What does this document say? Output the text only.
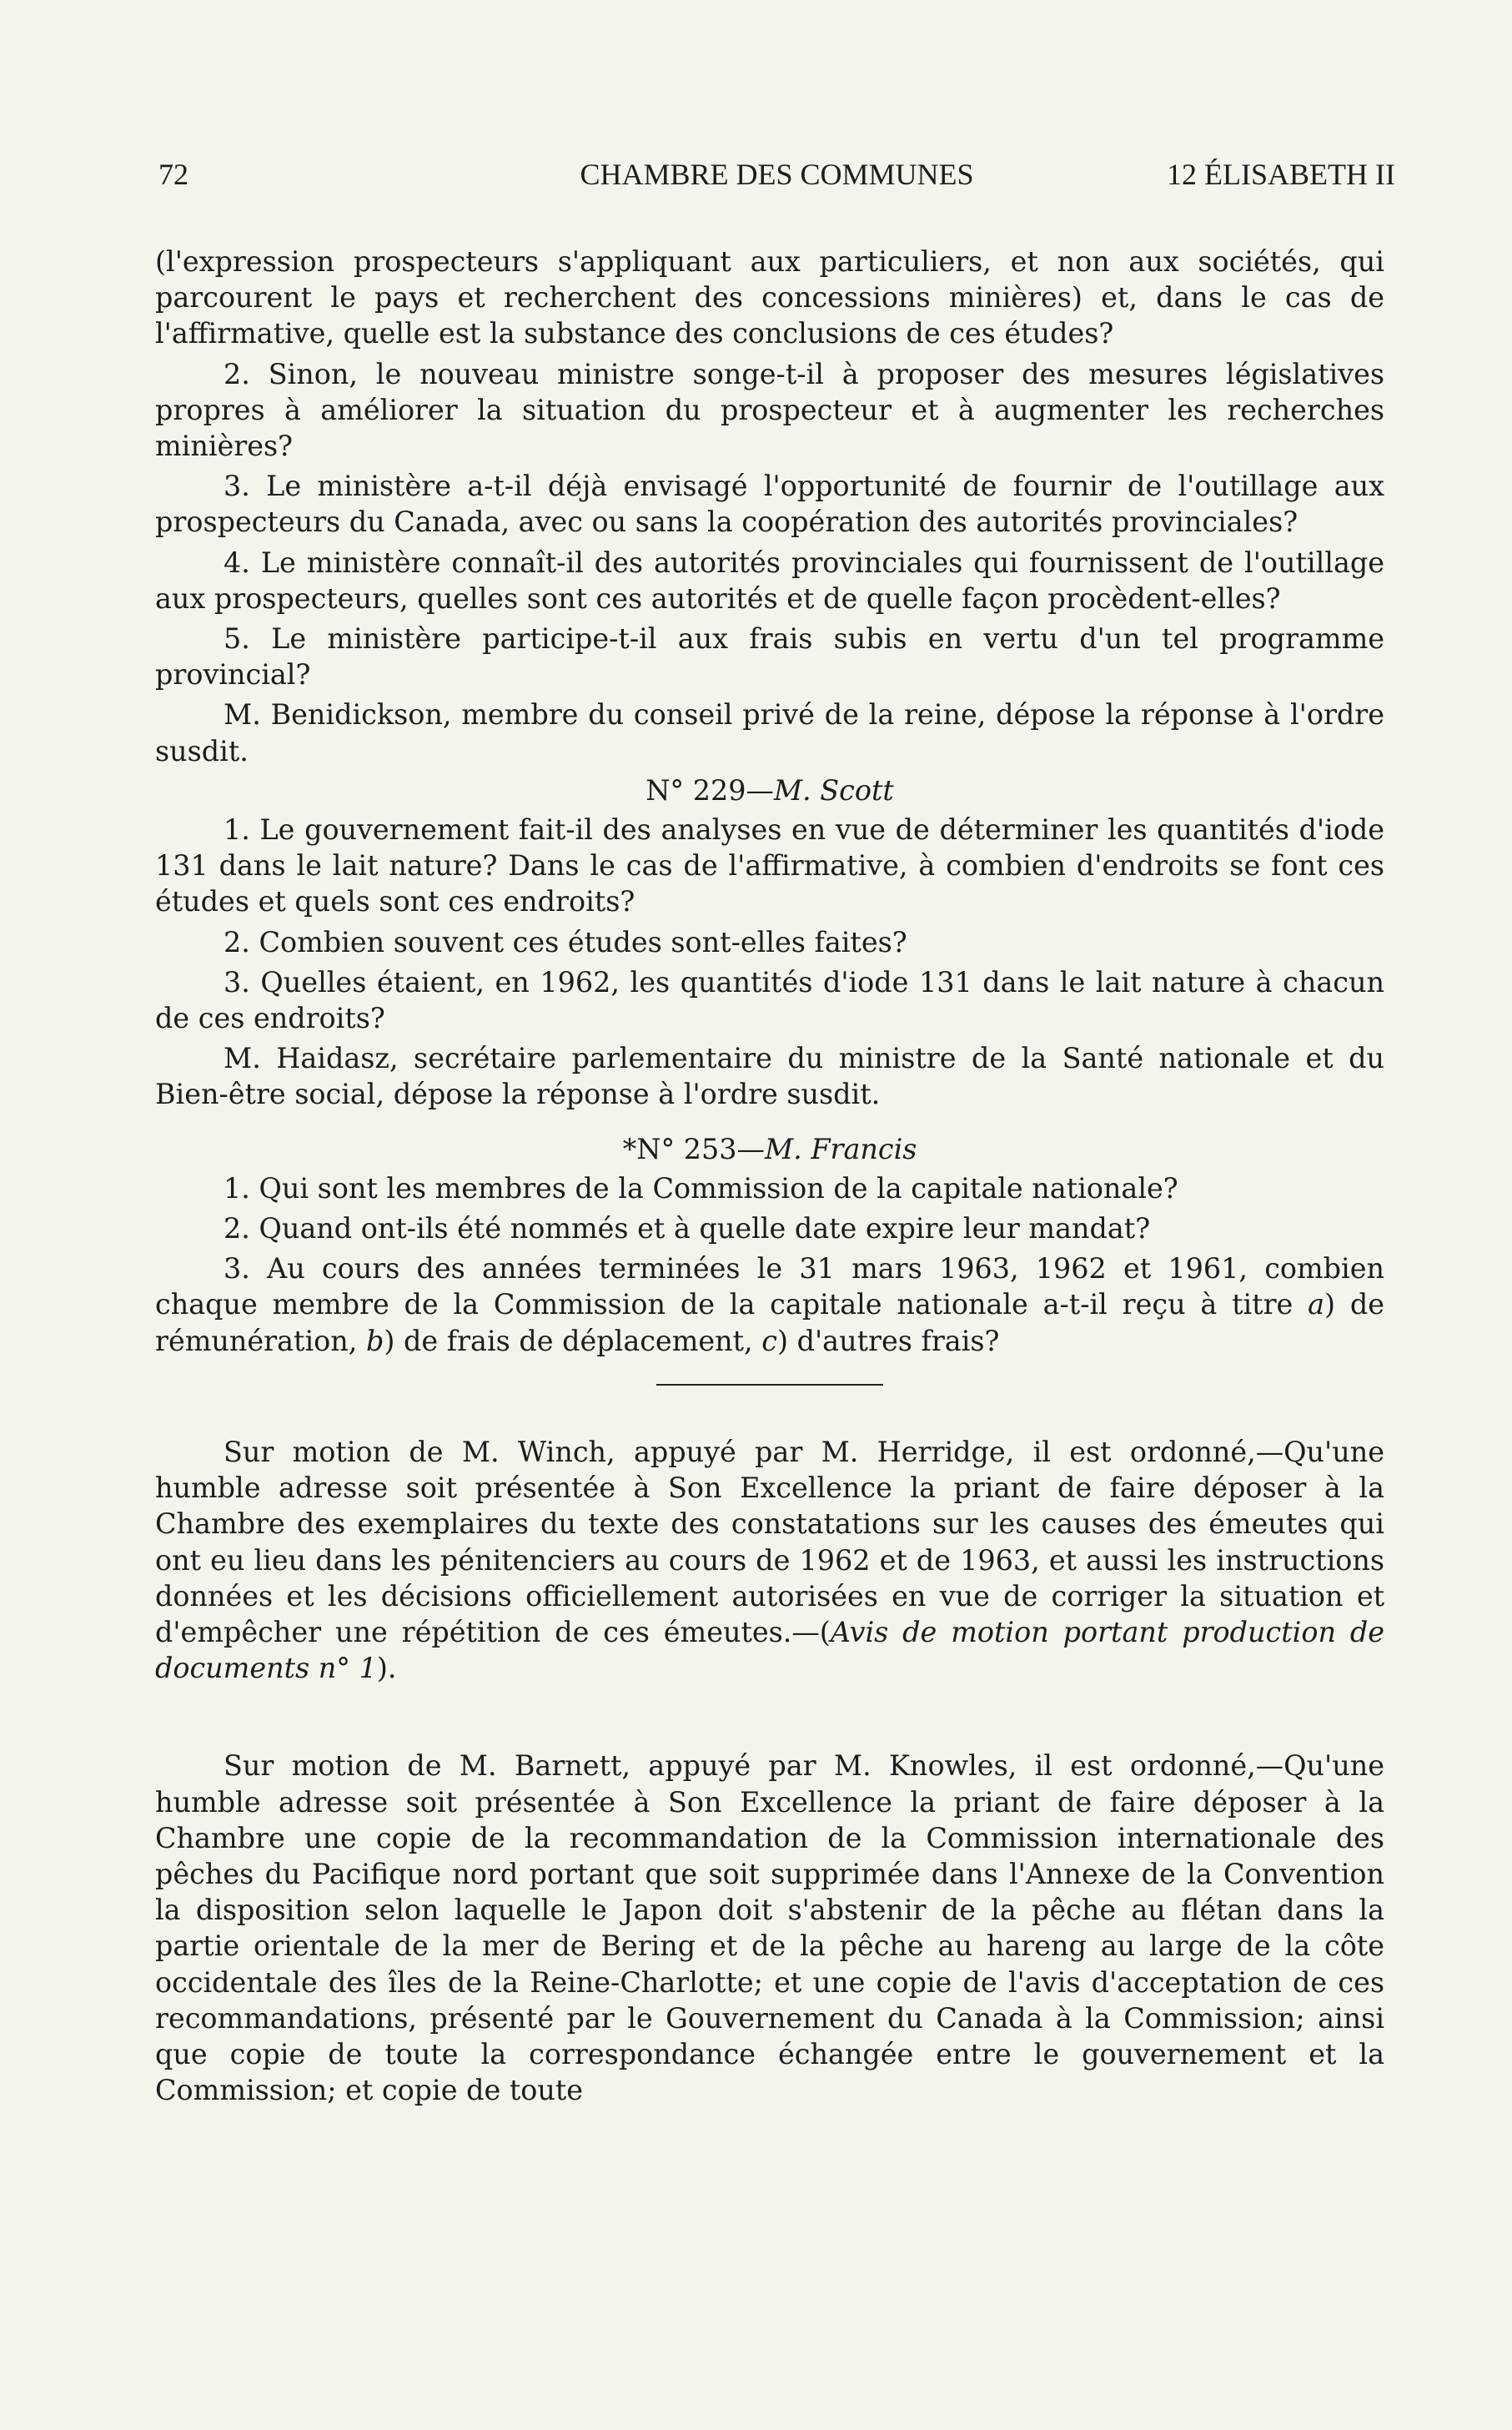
72	CHAMBRE DES COMMUNES	12 ÉLISABETH II

(l'expression prospecteurs s'appliquant aux particuliers, et non aux sociétés, qui parcourent le pays et recherchent des concessions minières) et, dans le cas de l'affirmative, quelle est la substance des conclusions de ces études?

2. Sinon, le nouveau ministre songe-t-il à proposer des mesures législatives propres à améliorer la situation du prospecteur et à augmenter les recherches minières?

3. Le ministère a-t-il déjà envisagé l'opportunité de fournir de l'outillage aux prospecteurs du Canada, avec ou sans la coopération des autorités provinciales?

4. Le ministère connaît-il des autorités provinciales qui fournissent de l'outillage aux prospecteurs, quelles sont ces autorités et de quelle façon procèdent-elles?

5. Le ministère participe-t-il aux frais subis en vertu d'un tel programme provincial?

M. Benidickson, membre du conseil privé de la reine, dépose la réponse à l'ordre susdit.

N° 229—M. Scott

1. Le gouvernement fait-il des analyses en vue de déterminer les quantités d'iode 131 dans le lait nature? Dans le cas de l'affirmative, à combien d'endroits se font ces études et quels sont ces endroits?

2. Combien souvent ces études sont-elles faites?

3. Quelles étaient, en 1962, les quantités d'iode 131 dans le lait nature à chacun de ces endroits?

M. Haidasz, secrétaire parlementaire du ministre de la Santé nationale et du Bien-être social, dépose la réponse à l'ordre susdit.

*N° 253—M. Francis

1. Qui sont les membres de la Commission de la capitale nationale?

2. Quand ont-ils été nommés et à quelle date expire leur mandat?

3. Au cours des années terminées le 31 mars 1963, 1962 et 1961, combien chaque membre de la Commission de la capitale nationale a-t-il reçu à titre a) de rémunération, b) de frais de déplacement, c) d'autres frais?

Sur motion de M. Winch, appuyé par M. Herridge, il est ordonné,—Qu'une humble adresse soit présentée à Son Excellence la priant de faire déposer à la Chambre des exemplaires du texte des constatations sur les causes des émeutes qui ont eu lieu dans les pénitenciers au cours de 1962 et de 1963, et aussi les instructions données et les décisions officiellement autorisées en vue de corriger la situation et d'empêcher une répétition de ces émeutes.—(Avis de motion portant production de documents n° 1).

Sur motion de M. Barnett, appuyé par M. Knowles, il est ordonné,—Qu'une humble adresse soit présentée à Son Excellence la priant de faire déposer à la Chambre une copie de la recommandation de la Commission internationale des pêches du Pacifique nord portant que soit supprimée dans l'Annexe de la Convention la disposition selon laquelle le Japon doit s'abstenir de la pêche au flétan dans la partie orientale de la mer de Bering et de la pêche au hareng au large de la côte occidentale des îles de la Reine-Charlotte; et une copie de l'avis d'acceptation de ces recommandations, présenté par le Gouvernement du Canada à la Commission; ainsi que copie de toute la correspondance échangée entre le gouvernement et la Commission; et copie de toute
